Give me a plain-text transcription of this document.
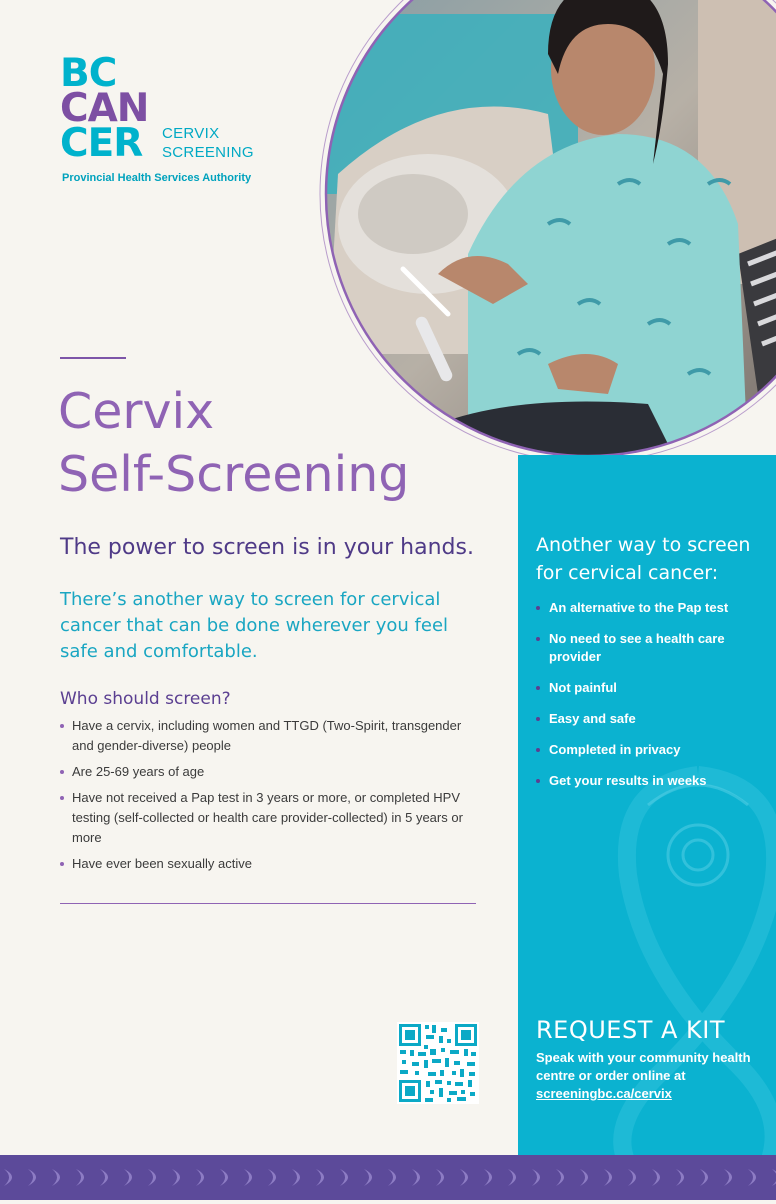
BC
CAN
CER	CERVIX
SCREENING
Provincial Health Services Authority
Cervix
Self-Screening
The power to screen is in your hands.

There’s another way to screen for cervical cancer that can be done wherever you feel safe and comfortable.

Who should screen?
Have a cervix, including women and TTGD (Two-Spirit, transgender and gender-diverse) people
Are 25-69 years of age
Have not received a Pap test in 3 years or more, or completed HPV testing (self-collected or health care provider-collected) in 5 years or more
Have ever been sexually active
Another way to screen for cervical cancer:
An alternative to the Pap test
No need to see a health care provider
Not painful
Easy and safe
Completed in privacy
Get your results in weeks
REQUEST A KIT

Speak with your community health centre or order online at

screeningbc.ca/cervix
